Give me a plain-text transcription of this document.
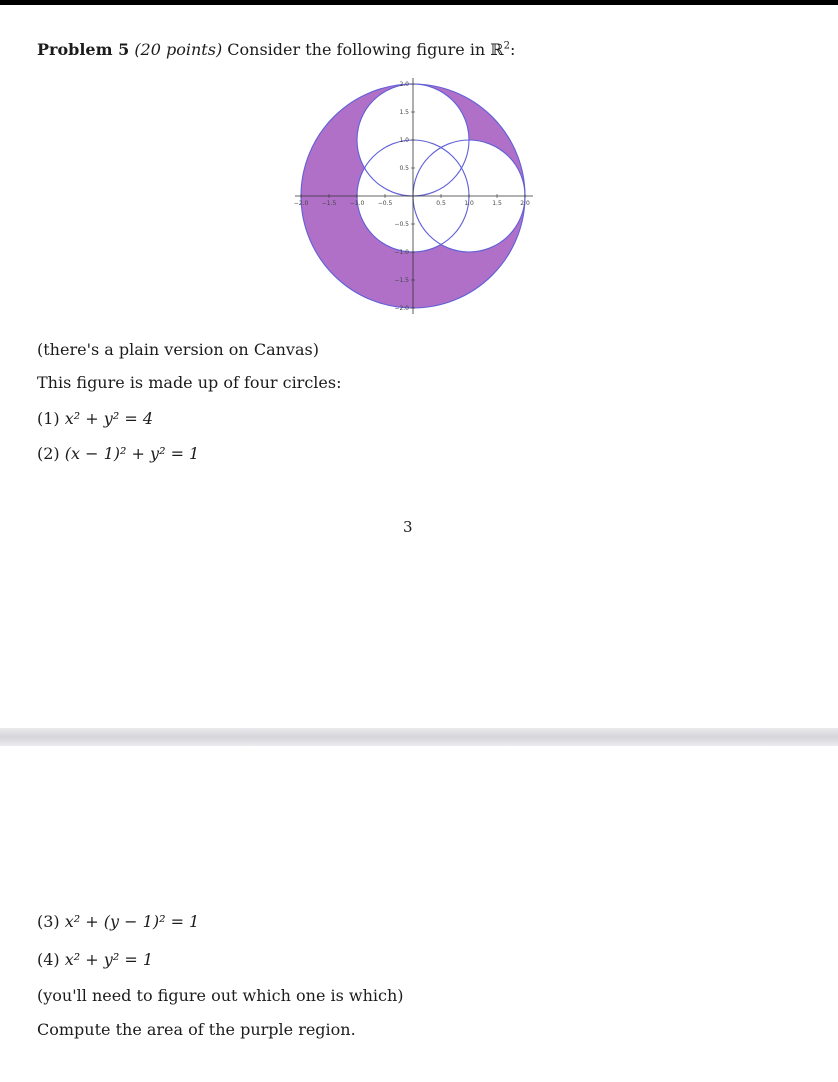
Problem 5 (20 points) Consider the following figure in ℝ$^2$:
−2.0 −1.5 −1.0 −0.5	0.5	1.0	1.5	2.0
2.0
1.5
1.0
0.5
−0.5
−1.0
−1.5
−2.0
(there's a plain version on Canvas)
This figure is made up of four circles:
(1) x² + y² = 4
(2) (x − 1)² + y² = 1
3
(3) x² + (y − 1)² = 1
(4) x² + y² = 1
(you'll need to figure out which one is which)
Compute the area of the purple region.
